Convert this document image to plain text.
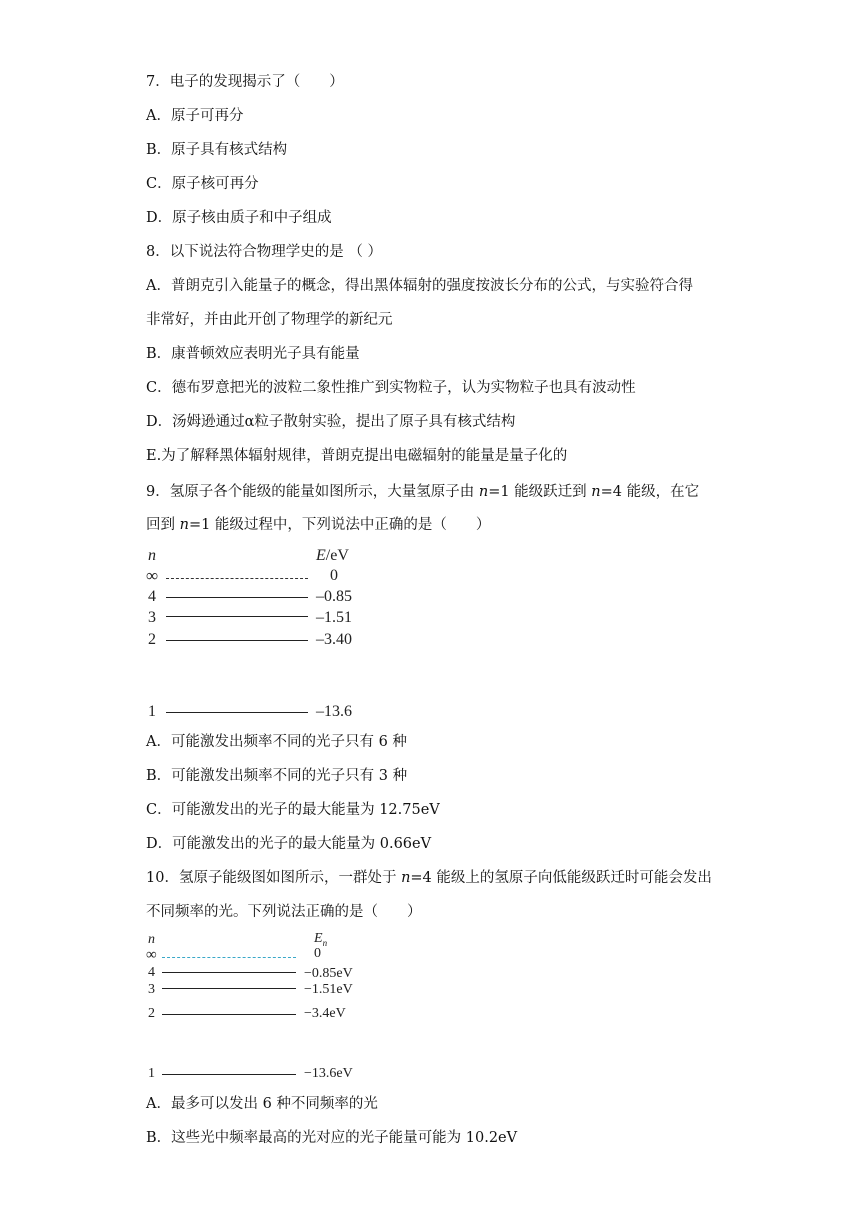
7．电子的发现揭示了（　　）
A．原子可再分
B．原子具有核式结构
C．原子核可再分
D．原子核由质子和中子组成
8．以下说法符合物理学史的是 （ ）
A．普朗克引入能量子的概念，得出黑体辐射的强度按波长分布的公式，与实验符合得
非常好，并由此开创了物理学的新纪元
B．康普顿效应表明光子具有能量
C．德布罗意把光的波粒二象性推广到实物粒子，认为实物粒子也具有波动性
D．汤姆逊通过α粒子散射实验，提出了原子具有核式结构
E.为了解释黑体辐射规律，普朗克提出电磁辐射的能量是量子化的
9．氢原子各个能级的能量如图所示，大量氢原子由 n=1 能级跃迁到 n=4 能级，在它
回到 n=1 能级过程中，下列说法中正确的是（　　）
n	E/eV
∞	0
4	–0.85
3	–1.51
2	–3.40
1	–13.6
A．可能激发出频率不同的光子只有 6 种
B．可能激发出频率不同的光子只有 3 种
C．可能激发出的光子的最大能量为 12.75eV
D．可能激发出的光子的最大能量为 0.66eV
10．氢原子能级图如图所示，一群处于 n=4 能级上的氢原子向低能级跃迁时可能会发出
不同频率的光。下列说法正确的是（　　）
n	$E_n$
∞	0
4	−0.85eV
3	−1.51eV
2	−3.4eV
1	−13.6eV
A．最多可以发出 6 种不同频率的光
B．这些光中频率最高的光对应的光子能量可能为 10.2eV
